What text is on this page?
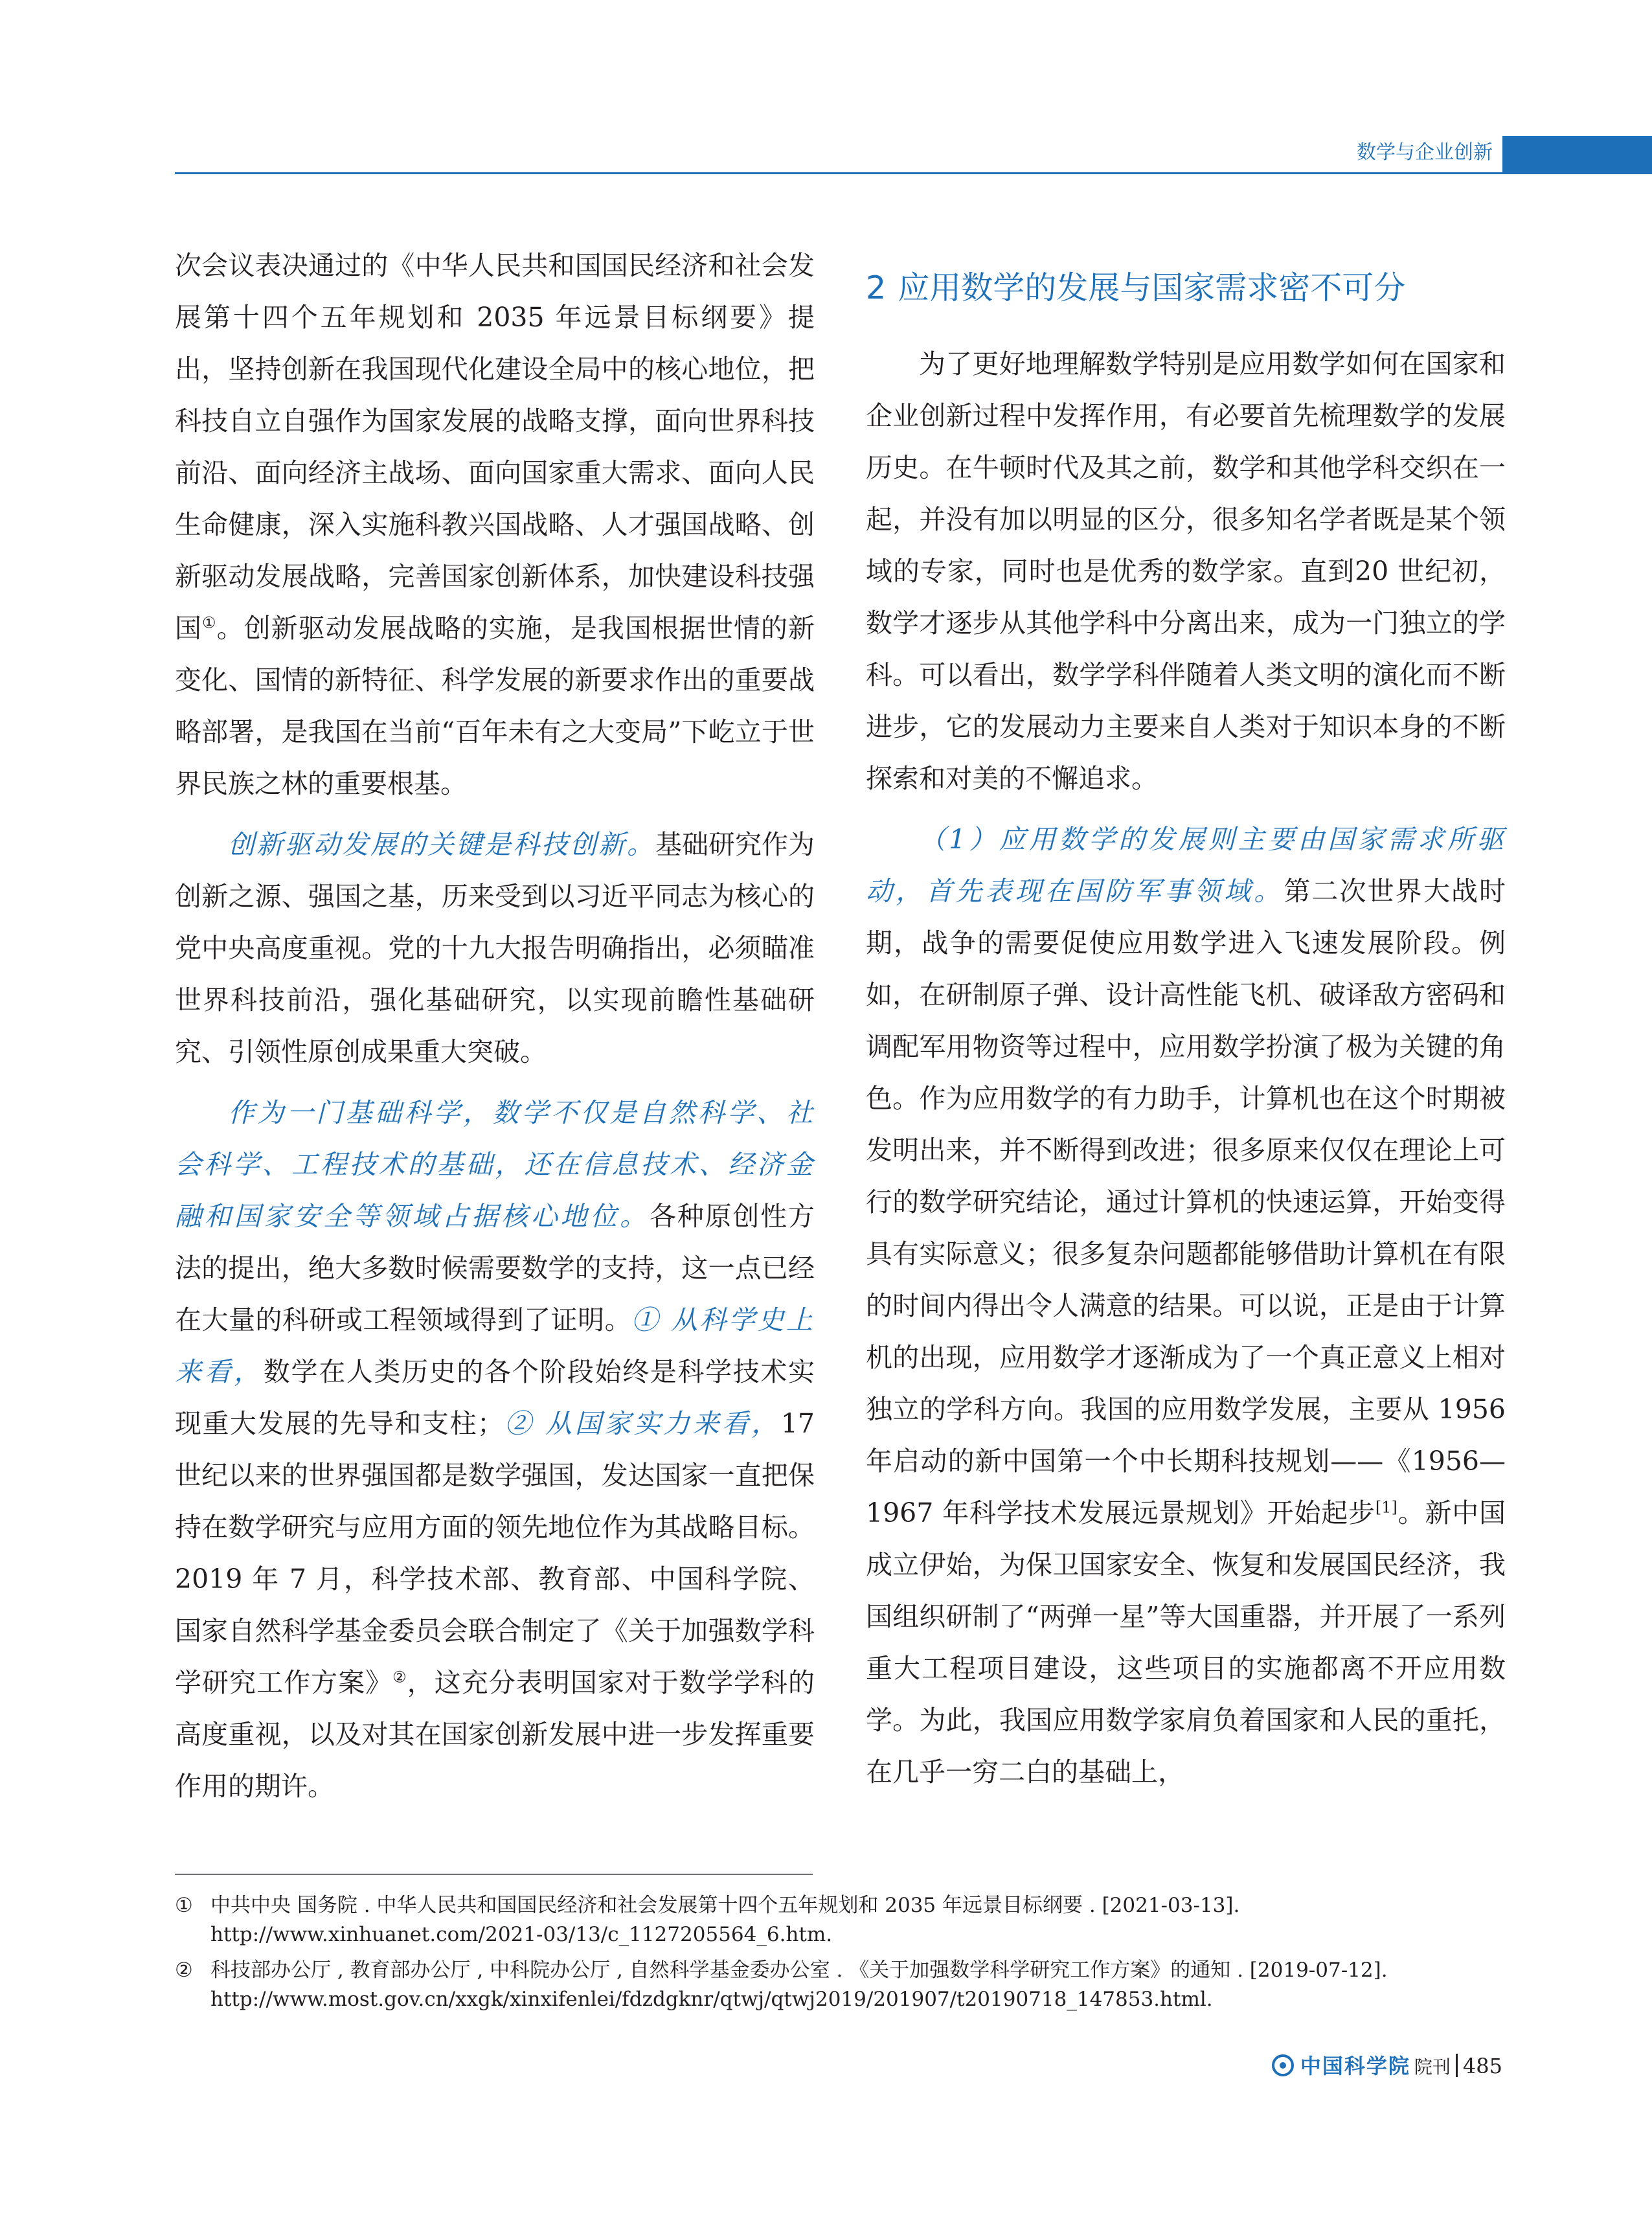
数学与企业创新

次会议表决通过的《中华人民共和国国民经济和社会发展第十四个五年规划和 2035 年远景目标纲要》提出，坚持创新在我国现代化建设全局中的核心地位，把科技自立自强作为国家发展的战略支撑，面向世界科技前沿、面向经济主战场、面向国家重大需求、面向人民生命健康，深入实施科教兴国战略、人才强国战略、创新驱动发展战略，完善国家创新体系，加快建设科技强国①。创新驱动发展战略的实施，是我国根据世情的新变化、国情的新特征、科学发展的新要求作出的重要战略部署，是我国在当前“百年未有之大变局”下屹立于世界民族之林的重要根基。

创新驱动发展的关键是科技创新。基础研究作为创新之源、强国之基，历来受到以习近平同志为核心的党中央高度重视。党的十九大报告明确指出，必须瞄准世界科技前沿，强化基础研究，以实现前瞻性基础研究、引领性原创成果重大突破。

作为一门基础科学，数学不仅是自然科学、社会科学、工程技术的基础，还在信息技术、经济金融和国家安全等领域占据核心地位。各种原创性方法的提出，绝大多数时候需要数学的支持，这一点已经在大量的科研或工程领域得到了证明。① 从科学史上来看，数学在人类历史的各个阶段始终是科学技术实现重大发展的先导和支柱；② 从国家实力来看，17 世纪以来的世界强国都是数学强国，发达国家一直把保持在数学研究与应用方面的领先地位作为其战略目标。2019 年 7 月，科学技术部、教育部、中国科学院、国家自然科学基金委员会联合制定了《关于加强数学科学研究工作方案》②，这充分表明国家对于数学学科的高度重视，以及对其在国家创新发展中进一步发挥重要作用的期许。

2 应用数学的发展与国家需求密不可分

为了更好地理解数学特别是应用数学如何在国家和企业创新过程中发挥作用，有必要首先梳理数学的发展历史。在牛顿时代及其之前，数学和其他学科交织在一起，并没有加以明显的区分，很多知名学者既是某个领域的专家，同时也是优秀的数学家。直到20 世纪初，数学才逐步从其他学科中分离出来，成为一门独立的学科。可以看出，数学学科伴随着人类文明的演化而不断进步，它的发展动力主要来自人类对于知识本身的不断探索和对美的不懈追求。

（1）应用数学的发展则主要由国家需求所驱动，首先表现在国防军事领域。第二次世界大战时期，战争的需要促使应用数学进入飞速发展阶段。例如，在研制原子弹、设计高性能飞机、破译敌方密码和调配军用物资等过程中，应用数学扮演了极为关键的角色。作为应用数学的有力助手，计算机也在这个时期被发明出来，并不断得到改进；很多原来仅仅在理论上可行的数学研究结论，通过计算机的快速运算，开始变得具有实际意义；很多复杂问题都能够借助计算机在有限的时间内得出令人满意的结果。可以说，正是由于计算机的出现，应用数学才逐渐成为了一个真正意义上相对独立的学科方向。我国的应用数学发展，主要从 1956 年启动的新中国第一个中长期科技规划——《1956—1967 年科学技术发展远景规划》开始起步[1]。新中国成立伊始，为保卫国家安全、恢复和发展国民经济，我国组织研制了“两弹一星”等大国重器，并开展了一系列重大工程项目建设，这些项目的实施都离不开应用数学。为此，我国应用数学家肩负着国家和人民的重托，在几乎一穷二白的基础上，

① 中共中央 国务院 . 中华人民共和国国民经济和社会发展第十四个五年规划和 2035 年远景目标纲要 . [2021-03-13]. http://www.xinhuanet.com/2021-03/13/c_1127205564_6.htm.
② 科技部办公厅 , 教育部办公厅 , 中科院办公厅 , 自然科学基金委办公室 . 《关于加强数学科学研究工作方案》的通知 . [2019-07-12]. http://www.most.gov.cn/xxgk/xinxifenlei/fdzdgknr/qtwj/qtwj2019/201907/t20190718_147853.html.
中国科学院 院刊 485
